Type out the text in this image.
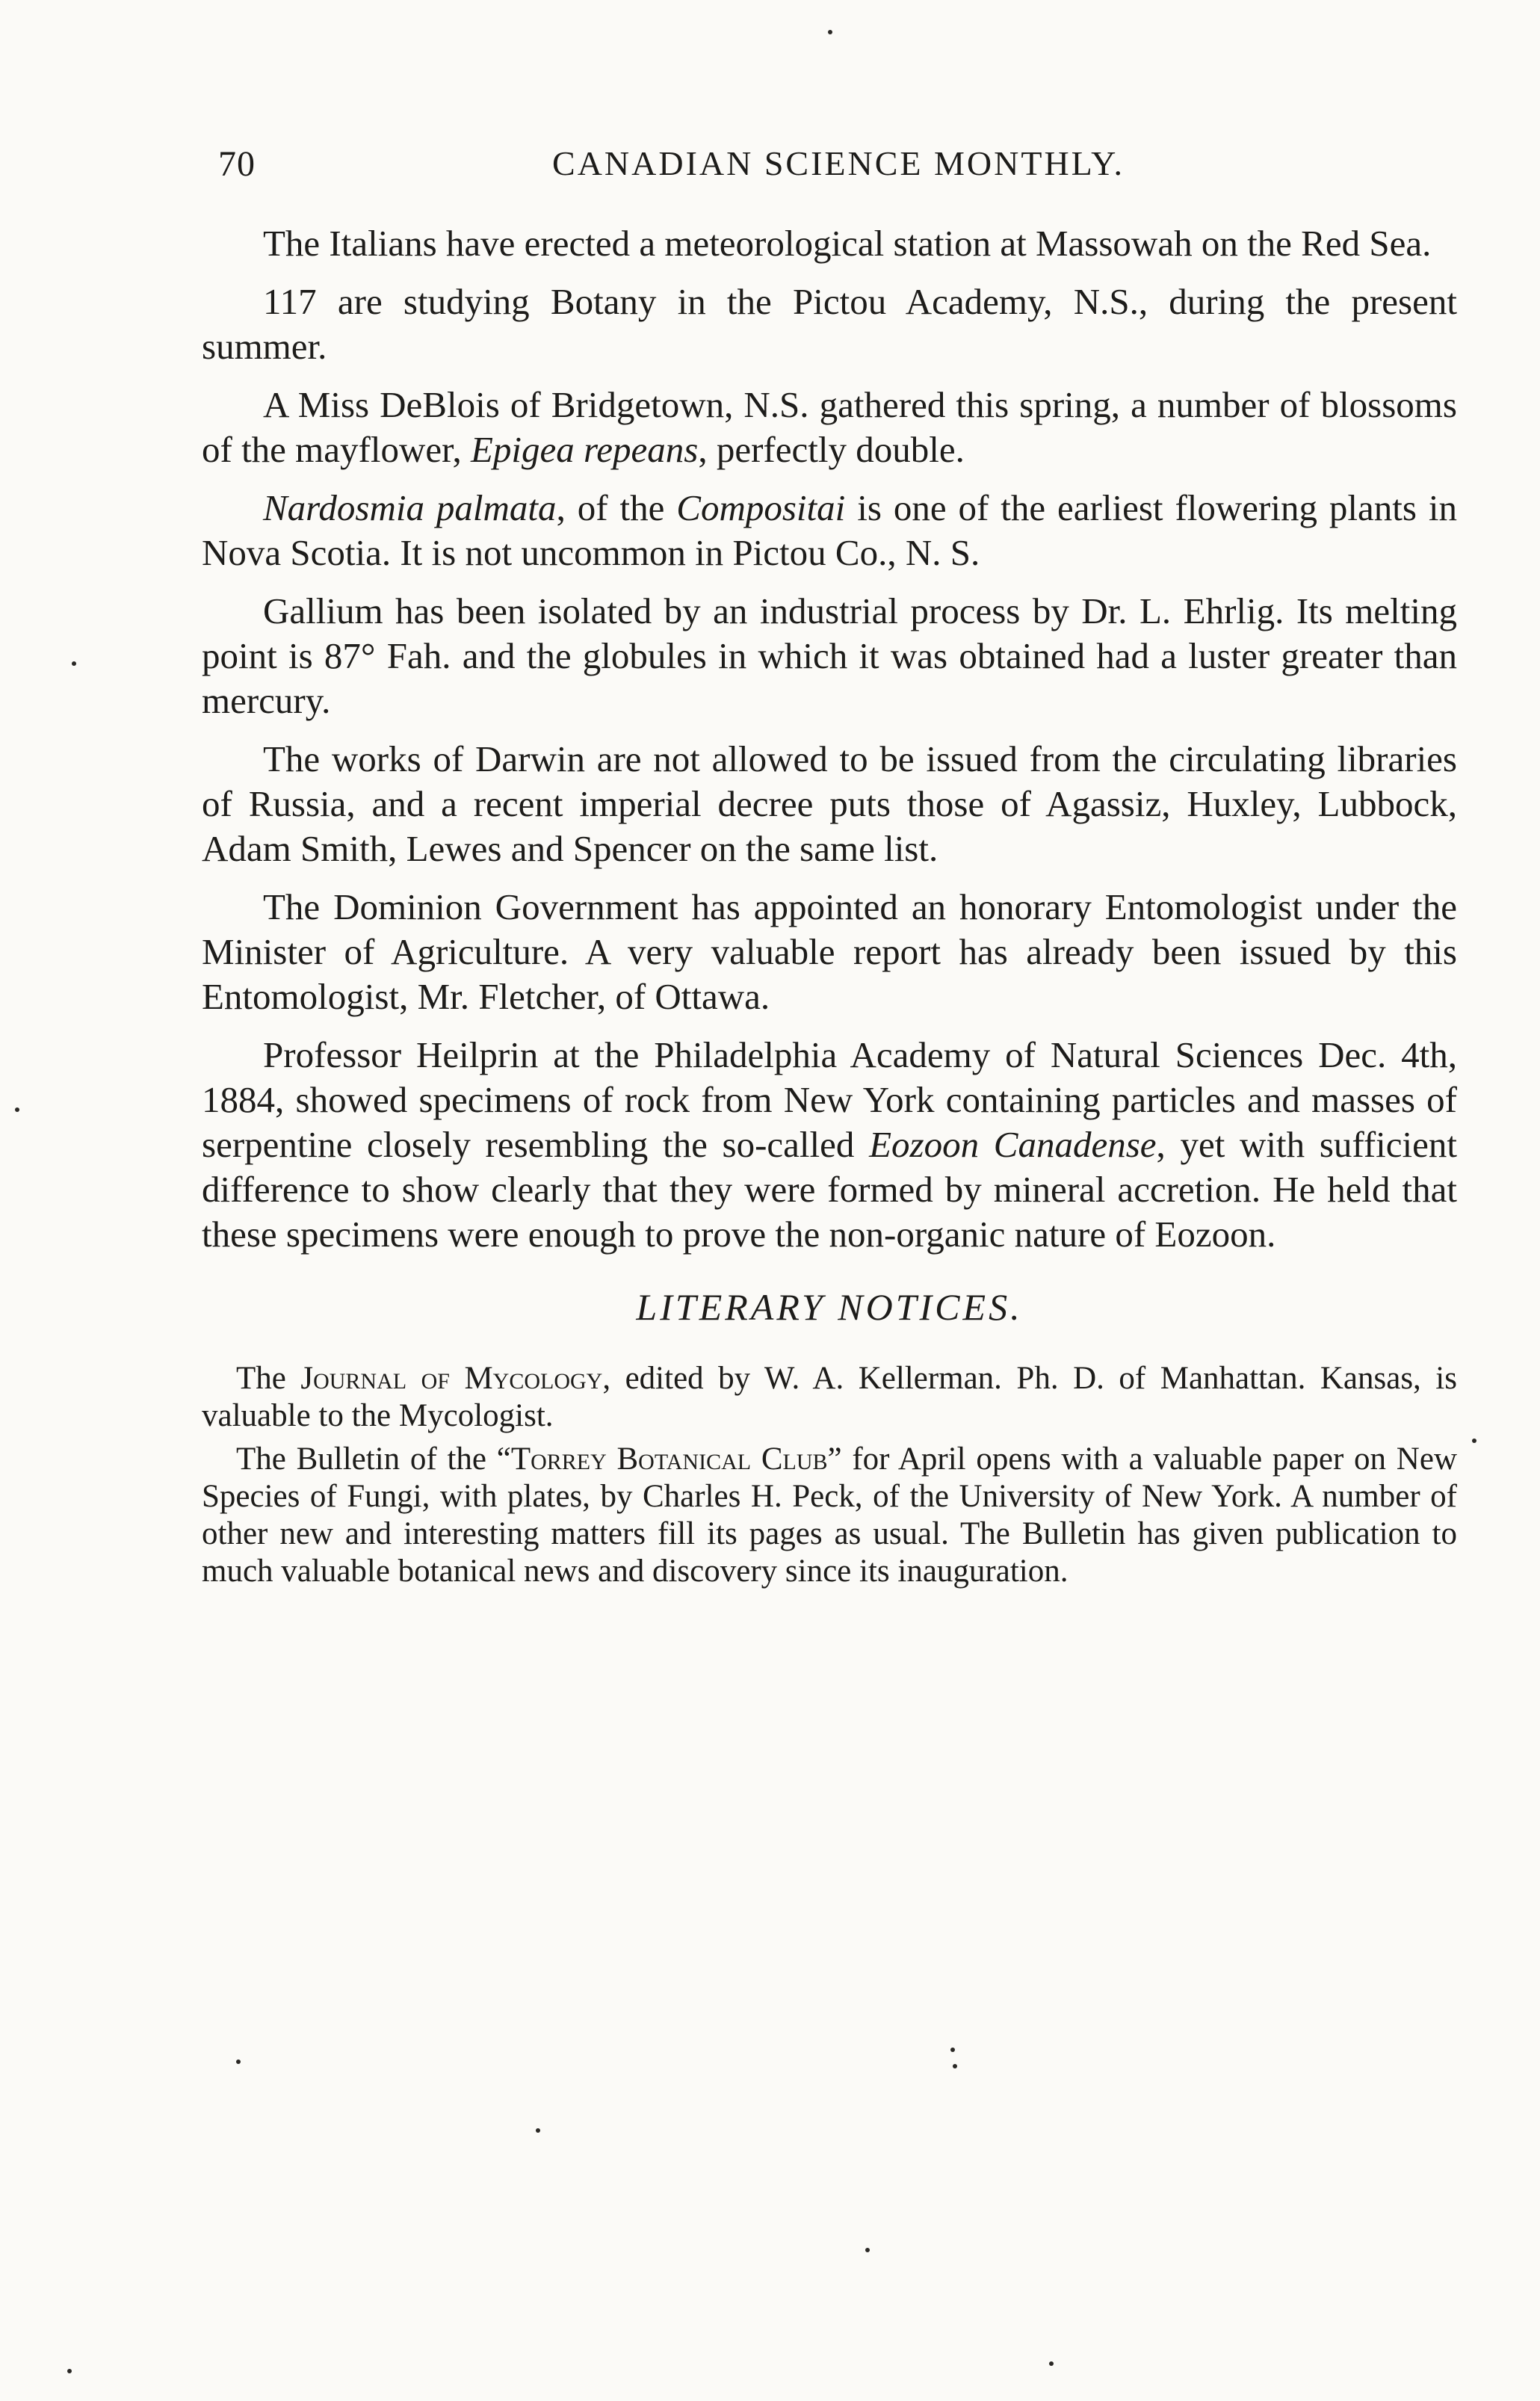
70	CANADIAN SCIENCE MONTHLY.

The Italians have erected a meteorological station at Massowah on the Red Sea.

117 are studying Botany in the Pictou Academy, N.S., during the present summer.

A Miss DeBlois of Bridgetown, N.S. gathered this spring, a number of blossoms of the mayflower, Epigea repeans, perfectly double.

Nardosmia palmata, of the Compositai is one of the earliest flowering plants in Nova Scotia. It is not uncommon in Pictou Co., N. S.

Gallium has been isolated by an industrial process by Dr. L. Ehrlig. Its melting point is 87° Fah. and the globules in which it was obtained had a luster greater than mercury.

The works of Darwin are not allowed to be issued from the circulating libraries of Russia, and a recent imperial decree puts those of Agassiz, Huxley, Lubbock, Adam Smith, Lewes and Spencer on the same list.

The Dominion Government has appointed an honorary Entomologist under the Minister of Agriculture. A very valuable report has already been issued by this Entomologist, Mr. Fletcher, of Ottawa.

Professor Heilprin at the Philadelphia Academy of Natural Sciences Dec. 4th, 1884, showed specimens of rock from New York containing particles and masses of serpentine closely resembling the so-called Eozoon Canadense, yet with sufficient difference to show clearly that they were formed by mineral accretion. He held that these specimens were enough to prove the non-organic nature of Eozoon.

LITERARY NOTICES.

The Journal of Mycology, edited by W. A. Kellerman. Ph. D. of Manhattan. Kansas, is valuable to the Mycologist.

The Bulletin of the “Torrey Botanical Club” for April opens with a valuable paper on New Species of Fungi, with plates, by Charles H. Peck, of the University of New York. A number of other new and interesting matters fill its pages as usual. The Bulletin has given publication to much valuable botanical news and discovery since its inauguration.
